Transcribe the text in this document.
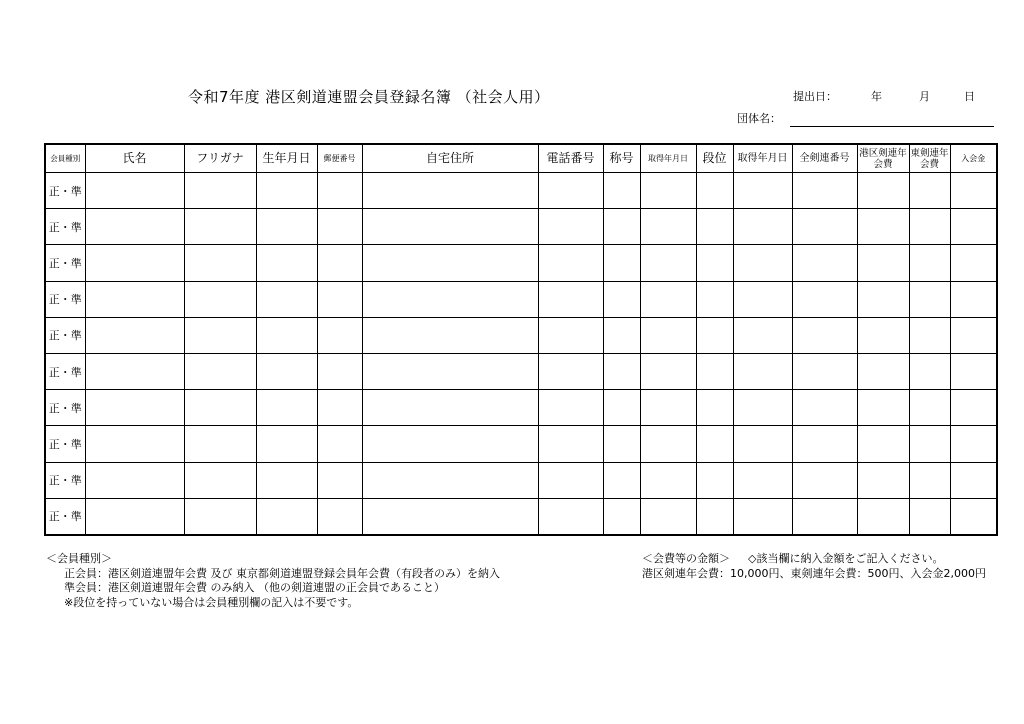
令和7年度 港区剣道連盟会員登録名簿 （社会人用）	提出日：	年	月	日
団体名：
会員種別	氏名	フリガナ	生年月日	郵便番号	自宅住所	電話番号	称号	取得年月日	段位	取得年月日	全剣連番号	港区剣連年会費	東剣連年会費	入会金
正・準														
正・準														
正・準														
正・準														
正・準														
正・準														
正・準														
正・準														
正・準														
正・準														
＜会員種別＞
正会員：港区剣道連盟年会費 及び 東京都剣道連盟登録会員年会費（有段者のみ）を納入
準会員：港区剣道連盟年会費 のみ納入 （他の剣道連盟の正会員であること）
※段位を持っていない場合は会員種別欄の記入は不要です。
＜会費等の金額＞ ◇該当欄に納入金額をご記入ください。
港区剣連年会費：10,000円、東剣連年会費：500円、入会金2,000円
